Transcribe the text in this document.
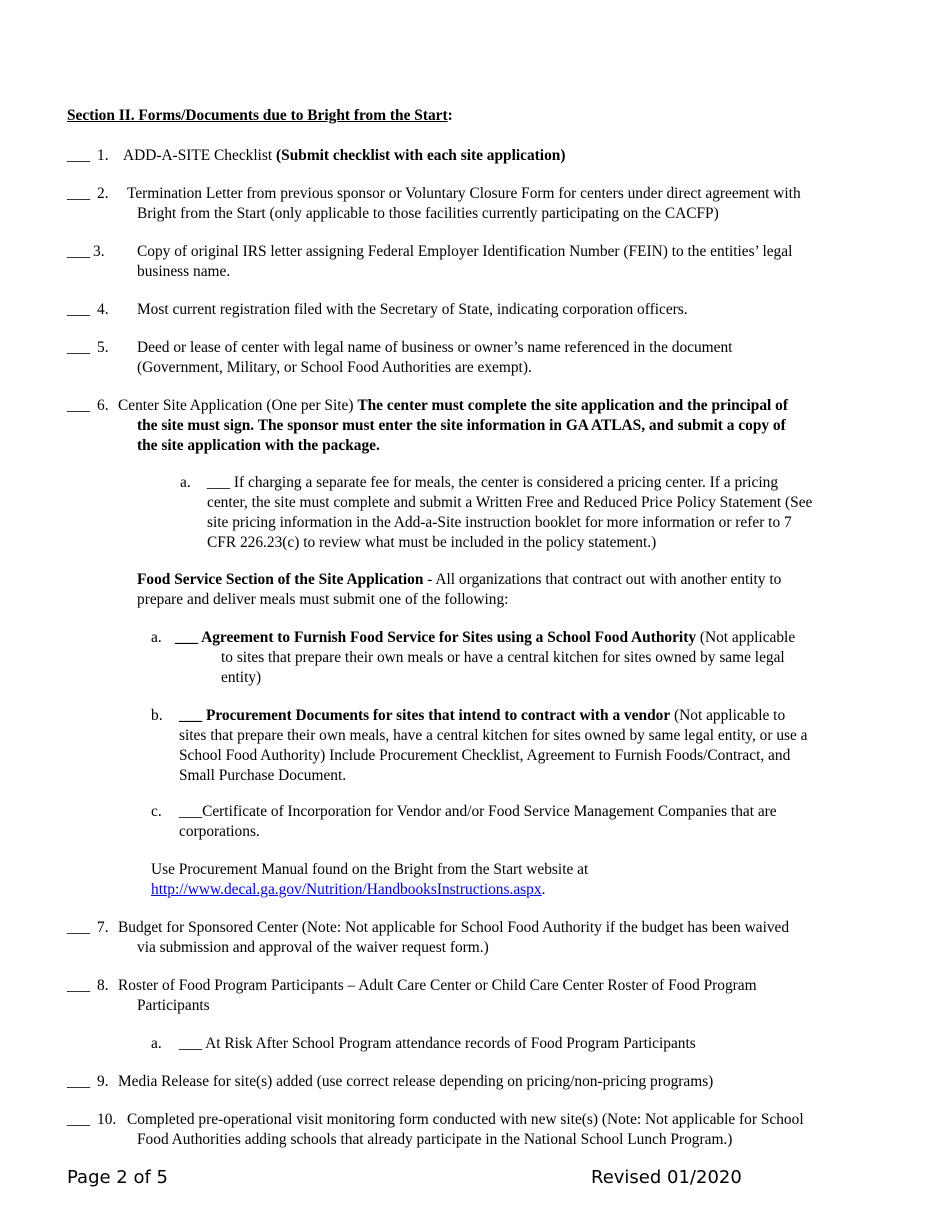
Section II. Forms/Documents due to Bright from the Start:
___ 1. ADD-A-SITE Checklist (Submit checklist with each site application)
___ 2.	Termination Letter from previous sponsor or Voluntary Closure Form for centers under direct agreement with
Bright from the Start (only applicable to those facilities currently participating on the CACFP)
___ 3.	Copy of original IRS letter assigning Federal Employer Identification Number (FEIN) to the entities’ legal
business name.
___ 4.	Most current registration filed with the Secretary of State, indicating corporation officers.
___ 5.	Deed or lease of center with legal name of business or owner’s name referenced in the document
(Government, Military, or School Food Authorities are exempt).
___ 6. Center Site Application (One per Site) The center must complete the site application and the principal of
the site must sign. The sponsor must enter the site information in GA ATLAS, and submit a copy of
the site application with the package.
a.	___ If charging a separate fee for meals, the center is considered a pricing center. If a pricing
center, the site must complete and submit a Written Free and Reduced Price Policy Statement (See
site pricing information in the Add-a-Site instruction booklet for more information or refer to 7
CFR 226.23(c) to review what must be included in the policy statement.)
Food Service Section of the Site Application - All organizations that contract out with another entity to
prepare and deliver meals must submit one of the following:
a. ___ Agreement to Furnish Food Service for Sites using a School Food Authority (Not applicable
to sites that prepare their own meals or have a central kitchen for sites owned by same legal
entity)
b.	___ Procurement Documents for sites that intend to contract with a vendor (Not applicable to
sites that prepare their own meals, have a central kitchen for sites owned by same legal entity, or use a
School Food Authority) Include Procurement Checklist, Agreement to Furnish Foods/Contract, and
Small Purchase Document.
c.	___Certificate of Incorporation for Vendor and/or Food Service Management Companies that are
corporations.
Use Procurement Manual found on the Bright from the Start website at
http://www.decal.ga.gov/Nutrition/HandbooksInstructions.aspx.
___ 7. Budget for Sponsored Center (Note: Not applicable for School Food Authority if the budget has been waived
via submission and approval of the waiver request form.)
___ 8. Roster of Food Program Participants – Adult Care Center or Child Care Center Roster of Food Program
Participants
a.	___ At Risk After School Program attendance records of Food Program Participants
___ 9. Media Release for site(s) added (use correct release depending on pricing/non-pricing programs)
___ 10. Completed pre-operational visit monitoring form conducted with new site(s) (Note: Not applicable for School
Food Authorities adding schools that already participate in the National School Lunch Program.)
Page 2 of 5	Revised 01/2020
